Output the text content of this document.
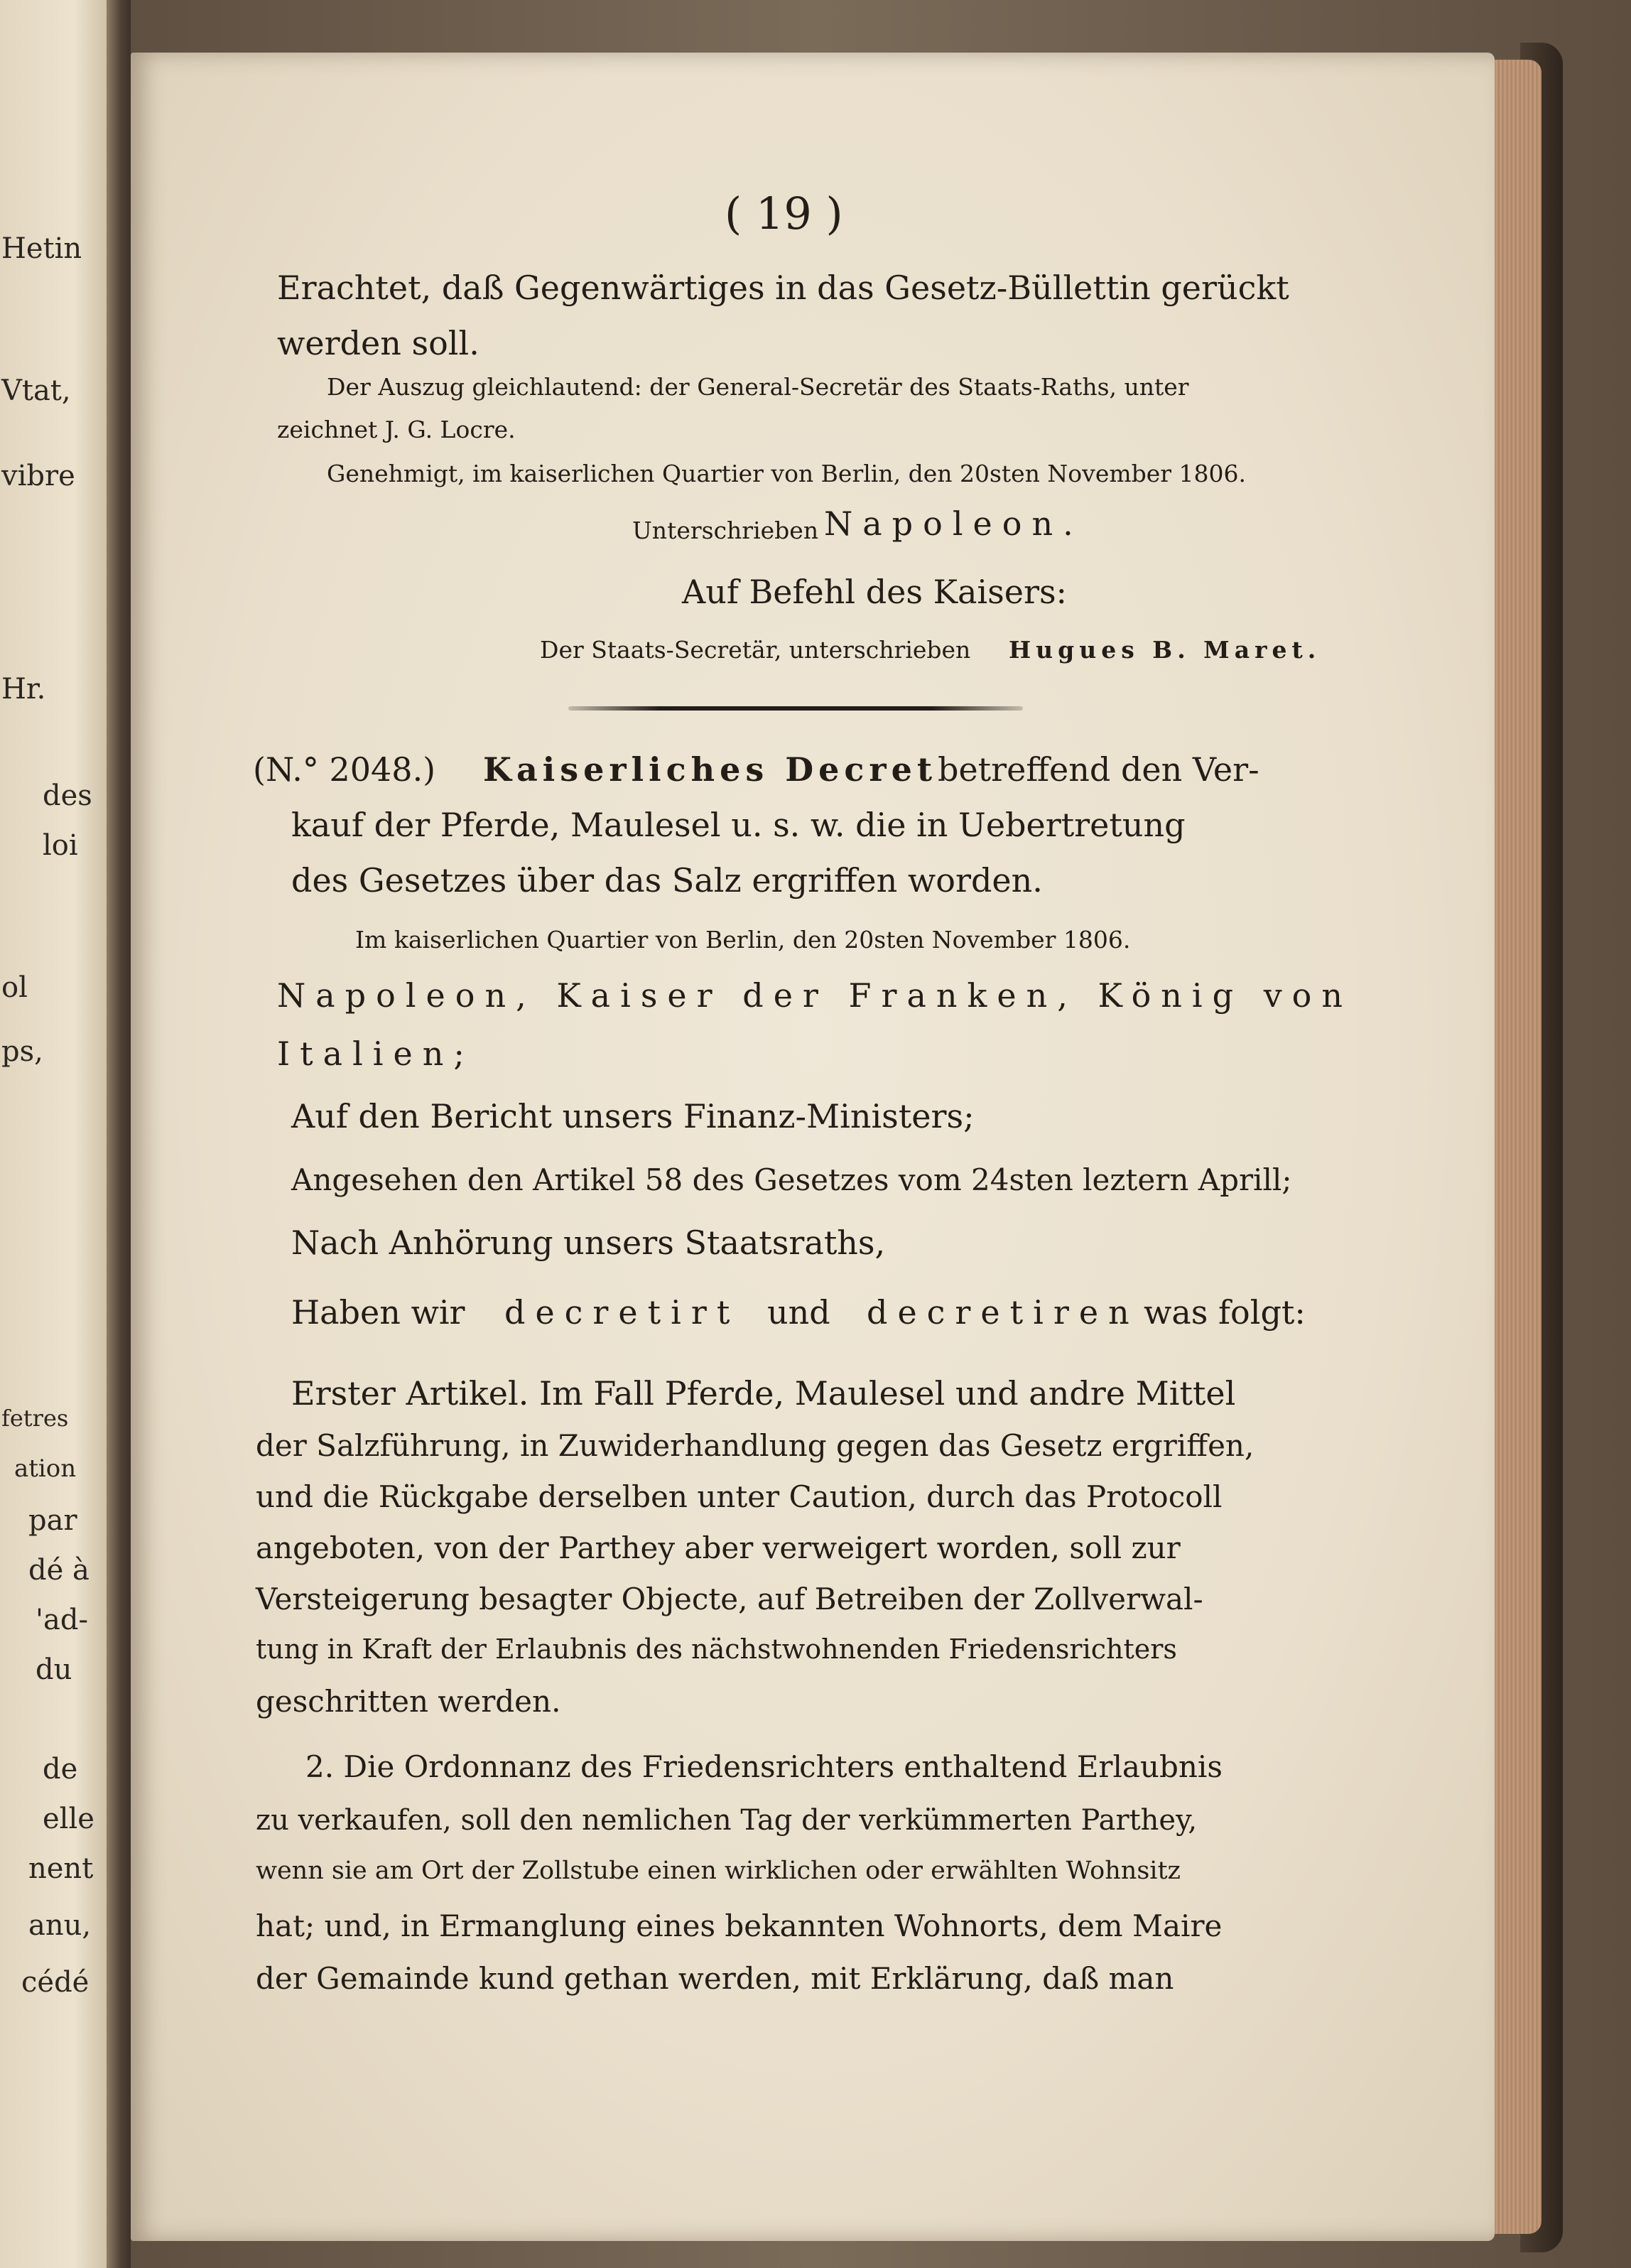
Hetin
Vtat,
vibre
Hr.
des
loi
ol
ps,
fetres
ation
par
dé à
'ad-
du
de
elle
nent
anu,
cédé
( 19 )
Erachtet, daß Gegenwärtiges in das Gesetz-Büllettin gerückt
werden soll.
Der Auszug gleichlautend: der General-Secretär des Staats-Raths, unter
zeichnet J. G. Locre.
Genehmigt, im kaiserlichen Quartier von Berlin, den 20sten November 1806.
Unterschrieben Napoleon.
Auf Befehl des Kaisers:
Der Staats-Secretär, unterschrieben Hugues B. Maret.
(N.° 2048.) Kaiserliches Decret betreffend den Ver-
kauf der Pferde, Maulesel u. s. w. die in Uebertretung
des Gesetzes über das Salz ergriffen worden.
Im kaiserlichen Quartier von Berlin, den 20sten November 1806.
Napoleon, Kaiser der Franken, König von
Italien;
Auf den Bericht unsers Finanz-Ministers;
Angesehen den Artikel 58 des Gesetzes vom 24sten leztern Aprill;
Nach Anhörung unsers Staatsraths,
Haben wir decretirt und decretiren was folgt:
Erster Artikel. Im Fall Pferde, Maulesel und andre Mittel
der Salzführung, in Zuwiderhandlung gegen das Gesetz ergriffen,
und die Rückgabe derselben unter Caution, durch das Protocoll
angeboten, von der Parthey aber verweigert worden, soll zur
Versteigerung besagter Objecte, auf Betreiben der Zollverwal-
tung in Kraft der Erlaubnis des nächstwohnenden Friedensrichters
geschritten werden.
2. Die Ordonnanz des Friedensrichters enthaltend Erlaubnis
zu verkaufen, soll den nemlichen Tag der verkümmerten Parthey,
wenn sie am Ort der Zollstube einen wirklichen oder erwählten Wohnsitz
hat; und, in Ermanglung eines bekannten Wohnorts, dem Maire
der Gemainde kund gethan werden, mit Erklärung, daß man
